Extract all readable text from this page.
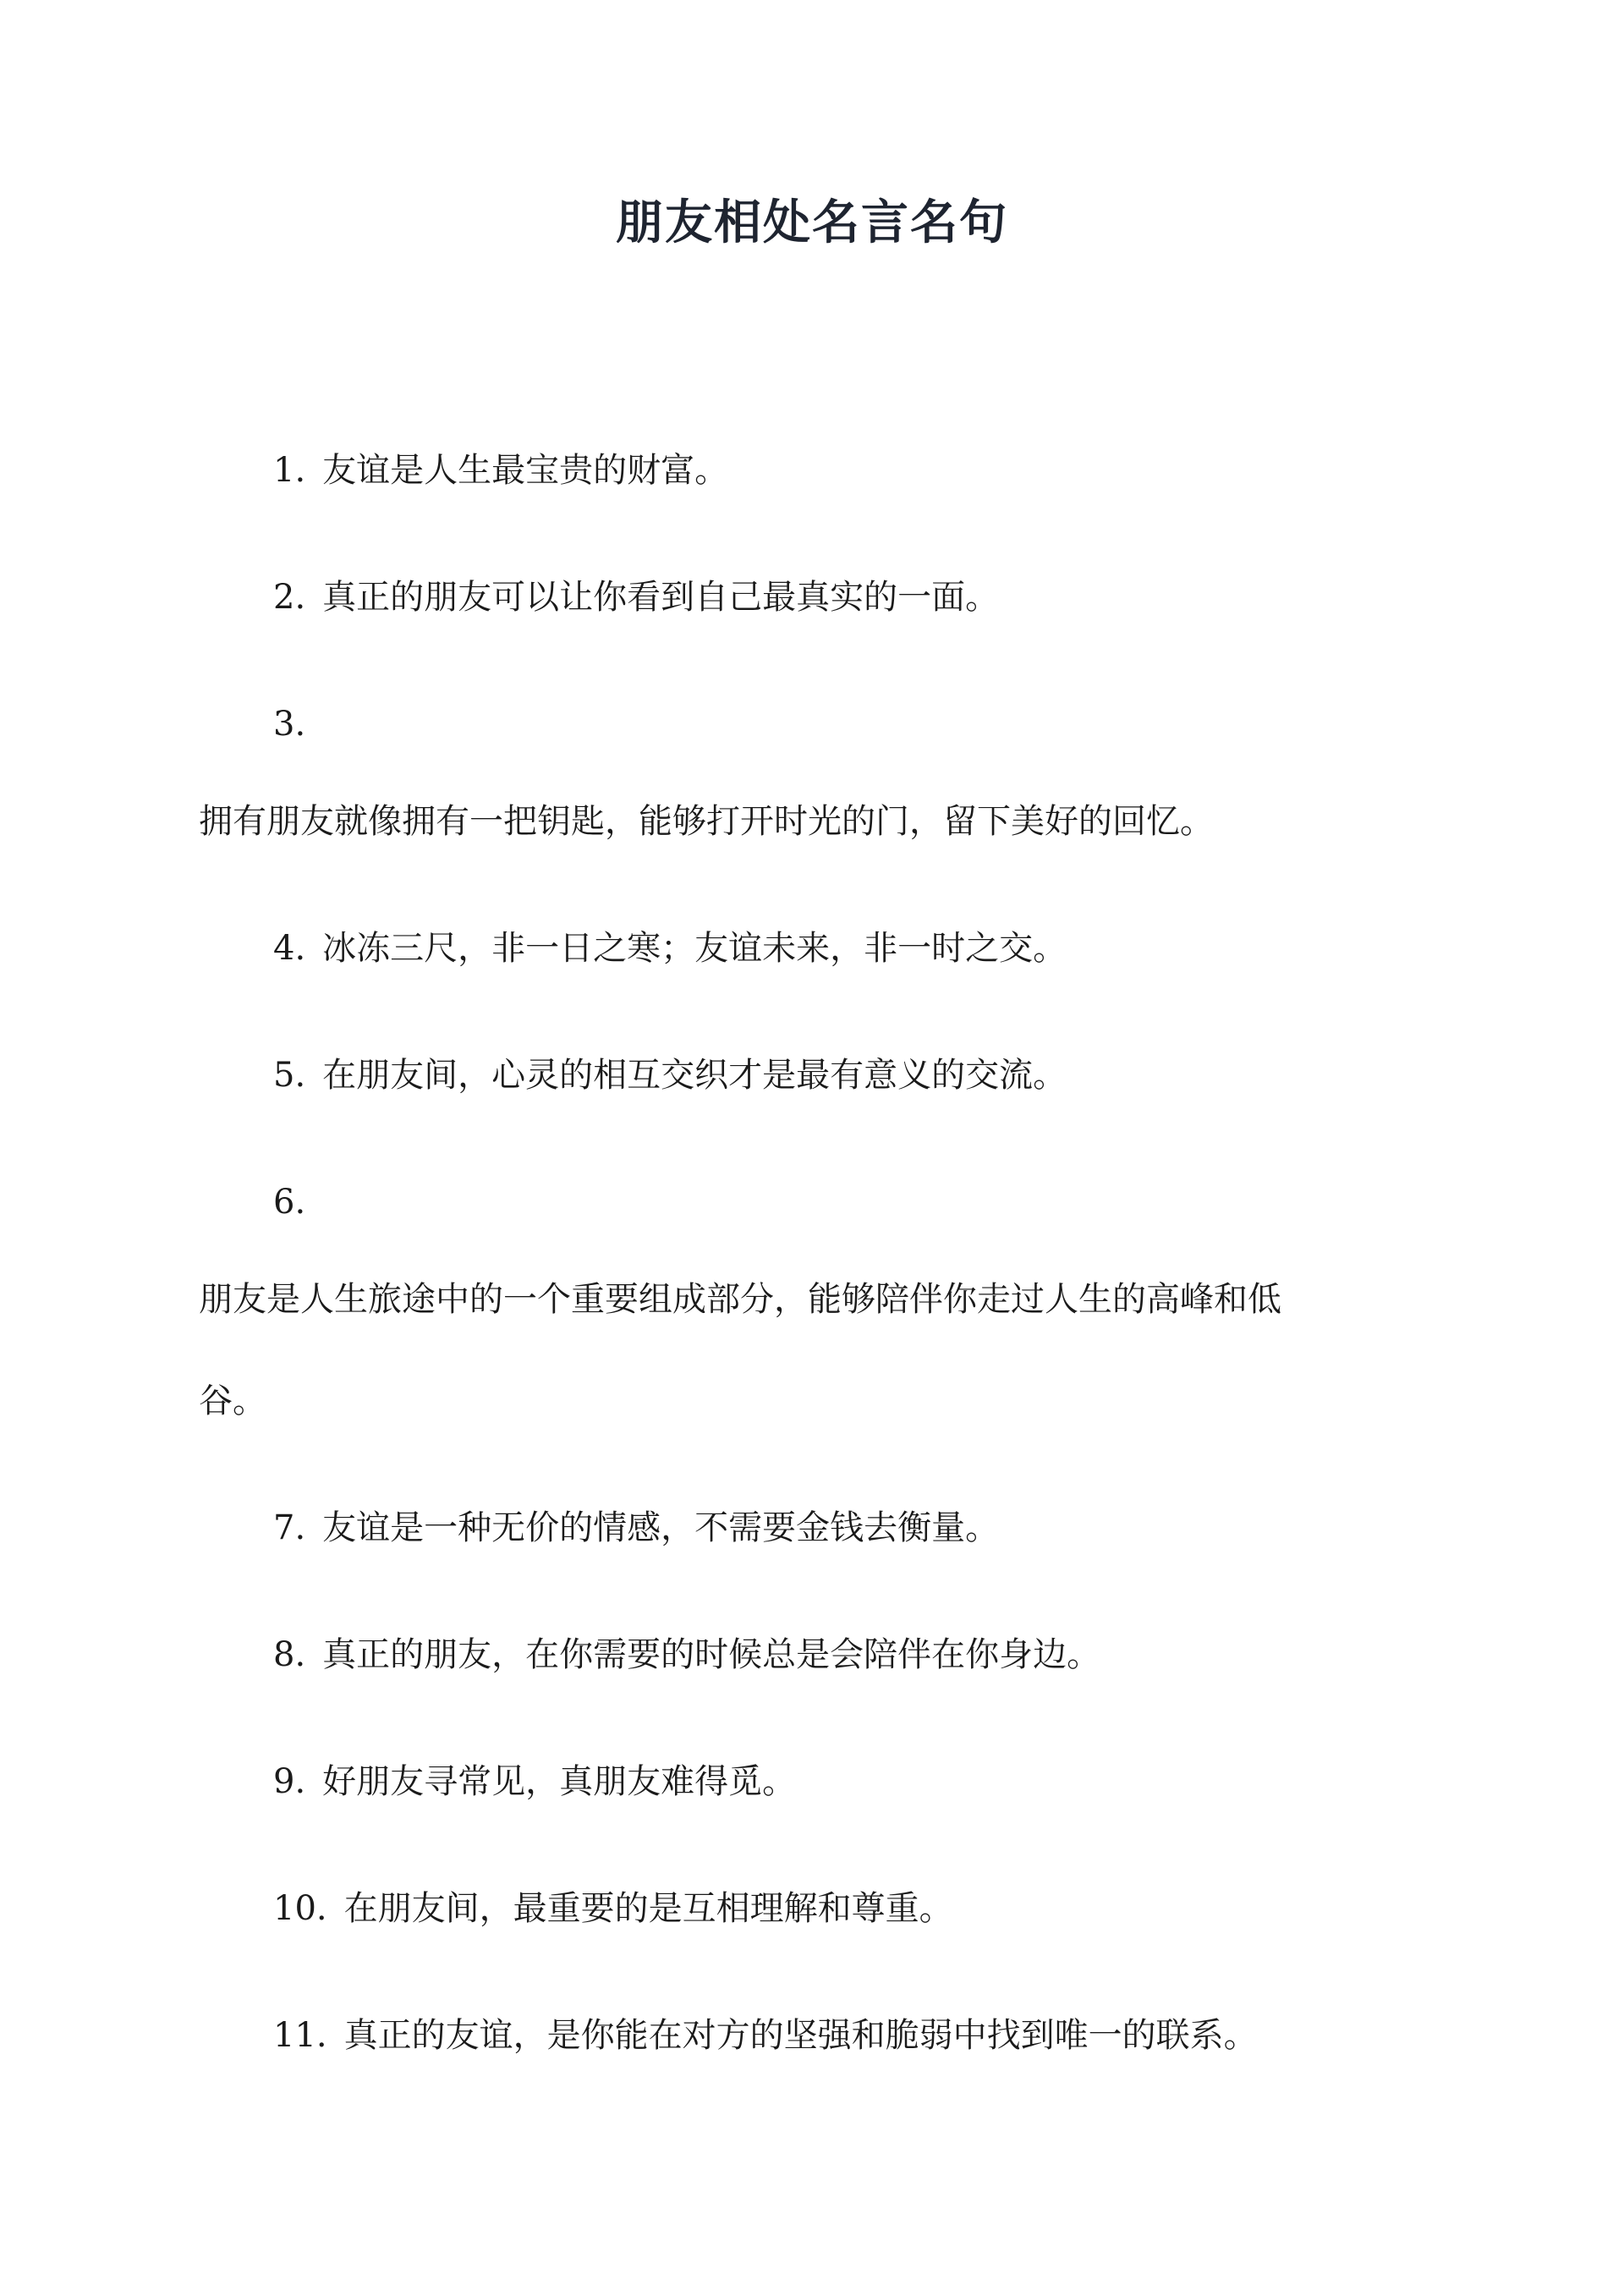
朋友相处名言名句
1. 友谊是人生最宝贵的财富。
2. 真正的朋友可以让你看到自己最真实的一面。
3.
拥有朋友就像拥有一把钥匙，能够打开时光的门，留下美好的回忆。
4. 冰冻三尺，非一日之寒；友谊未来，非一时之交。
5. 在朋友间，心灵的相互交织才是最有意义的交流。
6.
朋友是人生旅途中的一个重要组成部分，能够陪伴你走过人生的高峰和低
谷。
7. 友谊是一种无价的情感，不需要金钱去衡量。
8. 真正的朋友，在你需要的时候总是会陪伴在你身边。
9. 好朋友寻常见，真朋友难得觅。
10. 在朋友间，最重要的是互相理解和尊重。
11. 真正的友谊，是你能在对方的坚强和脆弱中找到唯一的联系。
